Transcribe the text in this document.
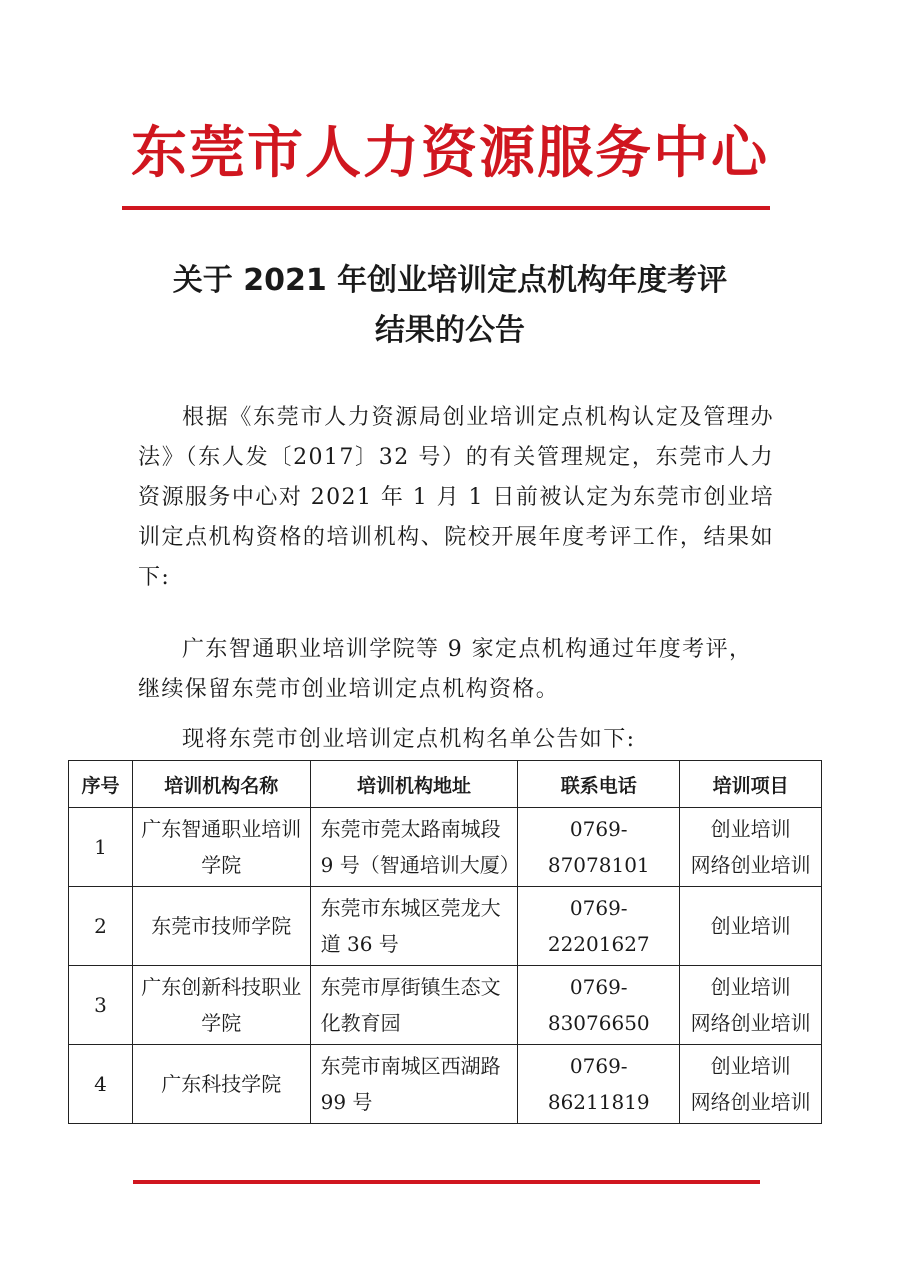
东莞市人力资源服务中心
关于 2021 年创业培训定点机构年度考评
结果的公告
根据《东莞市人力资源局创业培训定点机构认定及管理办法》（东人发〔2017〕32 号）的有关管理规定，东莞市人力资源服务中心对 2021 年 1 月 1 日前被认定为东莞市创业培训定点机构资格的培训机构、院校开展年度考评工作，结果如下:
广东智通职业培训学院等 9 家定点机构通过年度考评，继续保留东莞市创业培训定点机构资格。
现将东莞市创业培训定点机构名单公告如下:
序号	培训机构名称	培训机构地址	联系电话	培训项目
1	广东智通职业培训学院	东莞市莞太路南城段9 号（智通培训大厦）	0769-87078101	创业培训
网络创业培训

2	东莞市技师学院	东莞市东城区莞龙大道 36 号	0769-22201627	创业培训

3	广东创新科技职业学院	东莞市厚街镇生态文化教育园	0769-83076650	创业培训
网络创业培训

4	广东科技学院	东莞市南城区西湖路99 号	0769-86211819	创业培训
网络创业培训
